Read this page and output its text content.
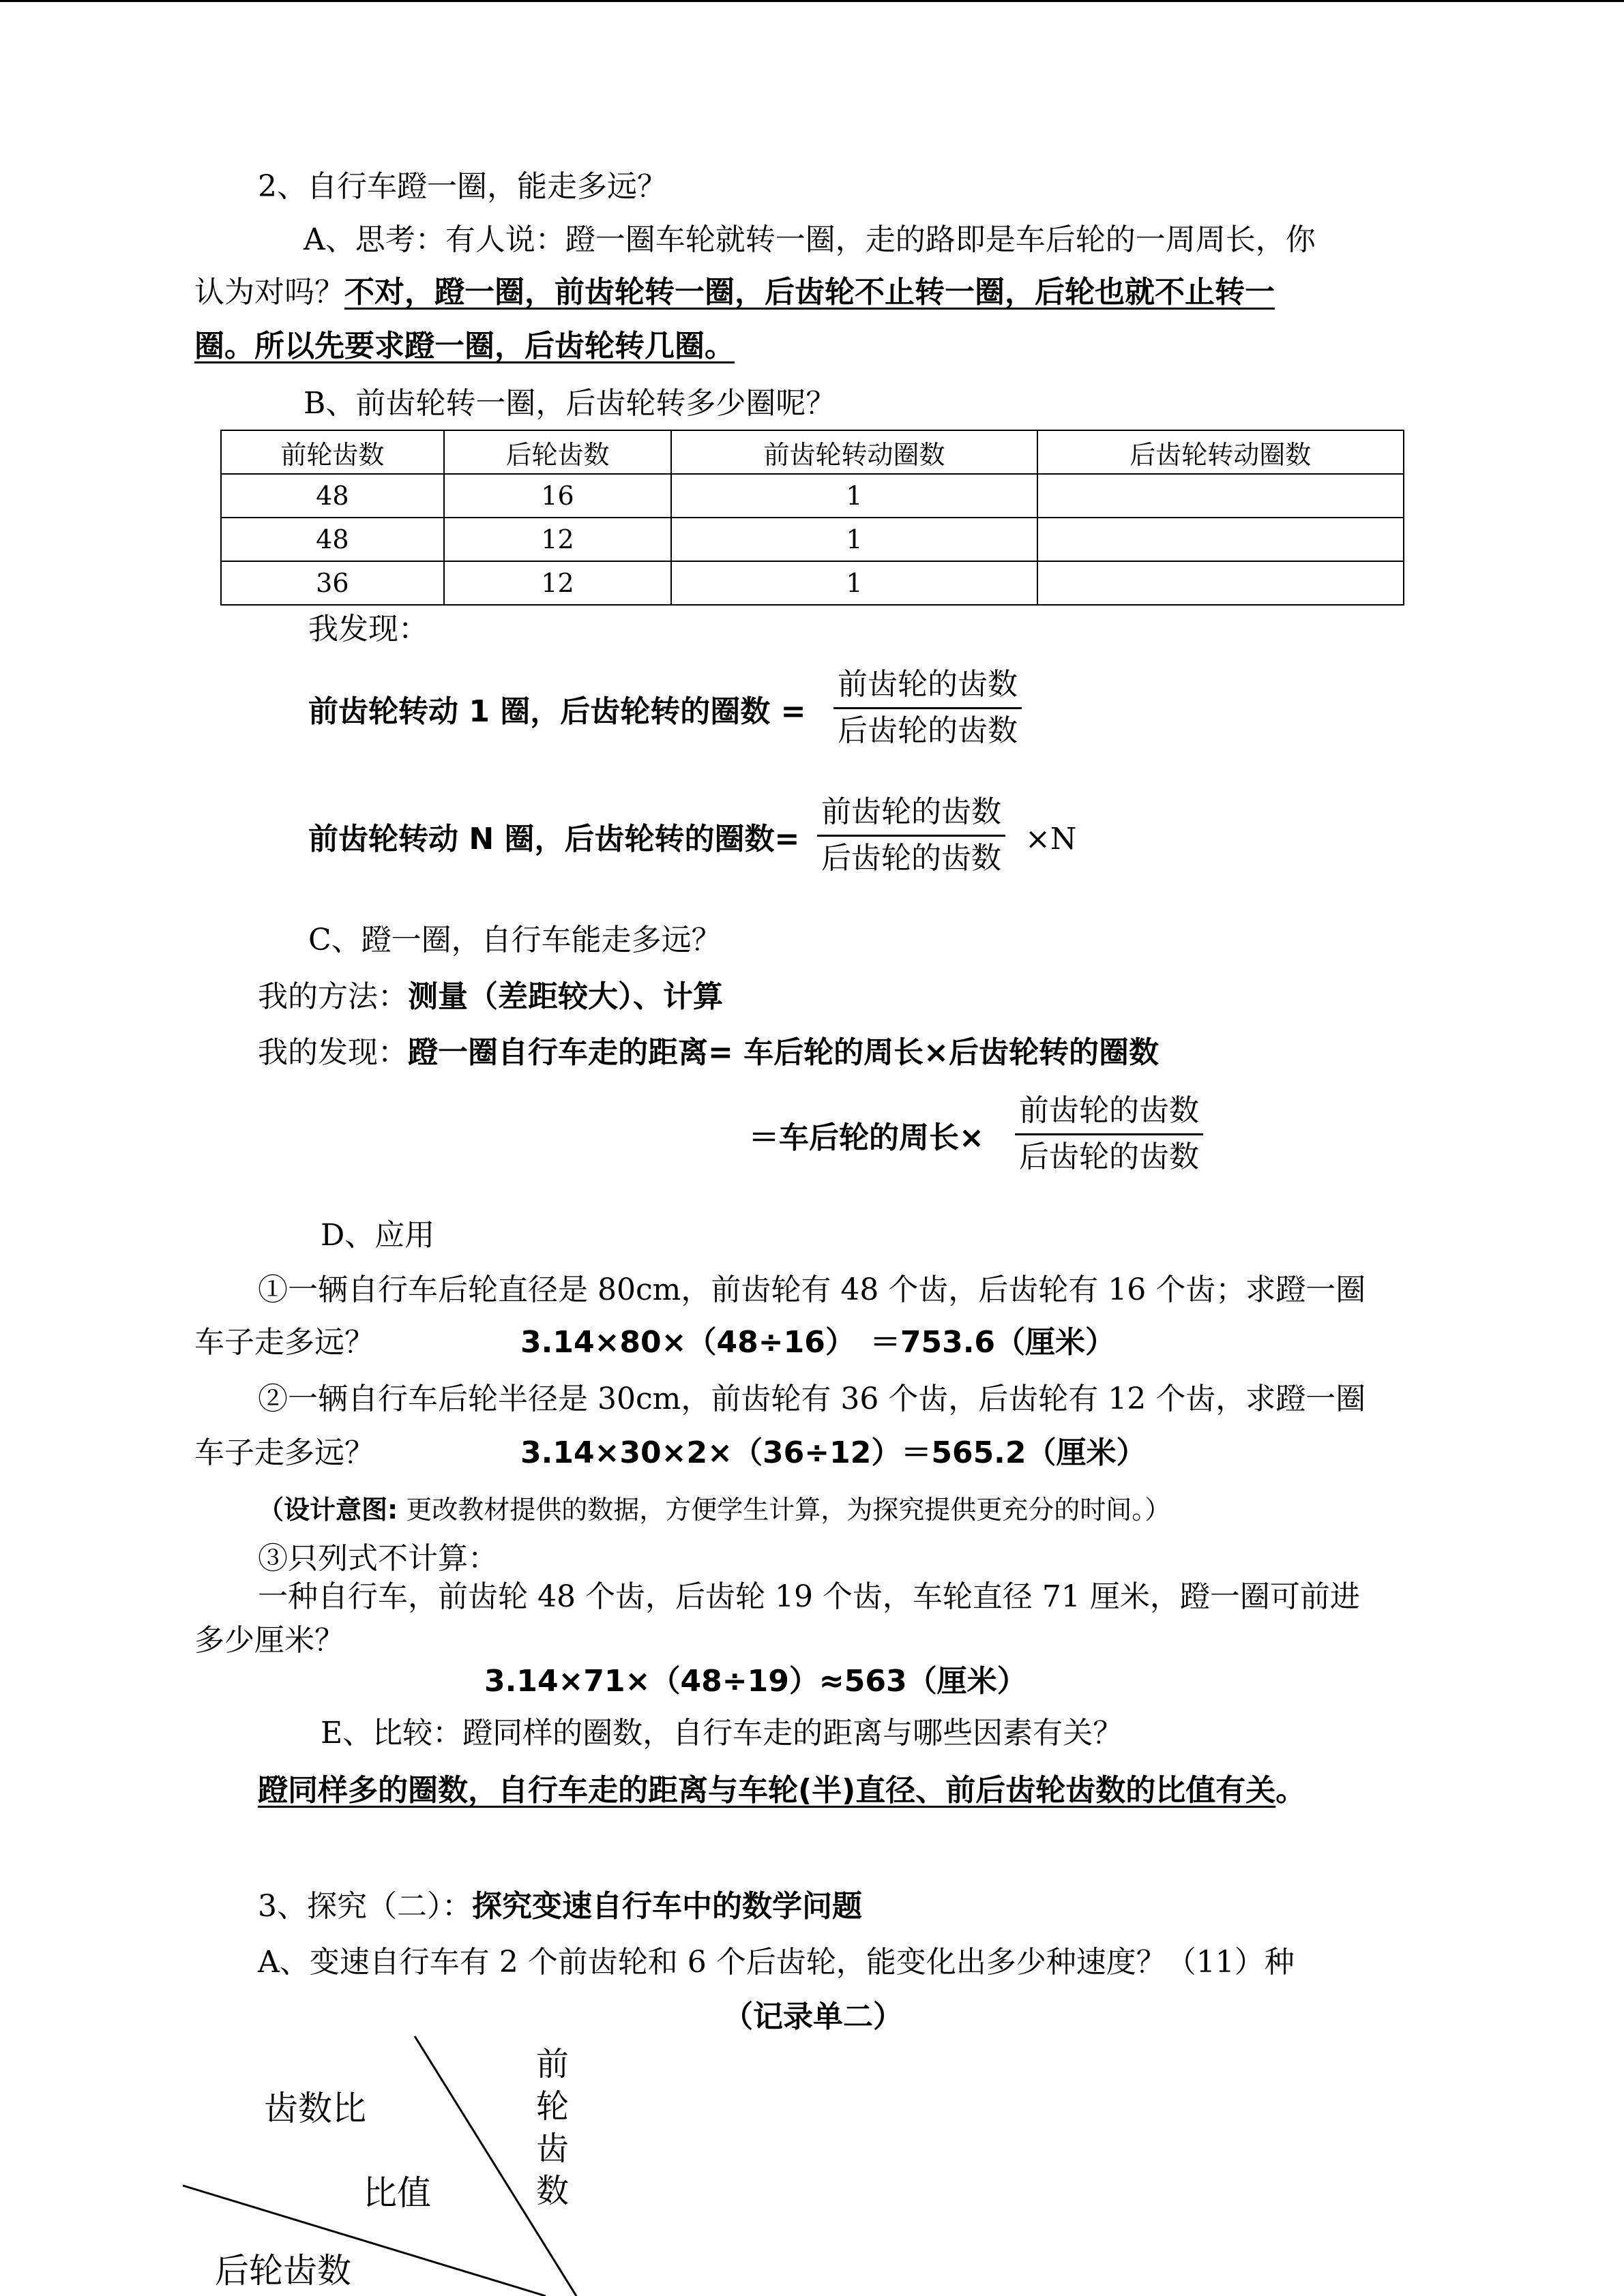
2、自行车蹬一圈，能走多远？
A、思考：有人说：蹬一圈车轮就转一圈，走的路即是车后轮的一周周长，你
认为对吗？不对，蹬一圈，前齿轮转一圈，后齿轮不止转一圈，后轮也就不止转一
圈。所以先要求蹬一圈，后齿轮转几圈。
B、前齿轮转一圈，后齿轮转多少圈呢？
前轮齿数	后轮齿数	前齿轮转动圈数	后齿轮转动圈数
48	16	1	
48	12	1	
36	12	1	
我发现：
前齿轮转动 1 圈，后齿轮转的圈数 =
前齿轮的齿数
后齿轮的齿数
前齿轮转动 N 圈，后齿轮转的圈数=
前齿轮的齿数
后齿轮的齿数
×N
C、蹬一圈，自行车能走多远？
我的方法：测量（差距较大）、计算
我的发现：蹬一圈自行车走的距离= 车后轮的周长×后齿轮转的圈数
＝车后轮的周长×
前齿轮的齿数
后齿轮的齿数
D、应用
①一辆自行车后轮直径是 80cm，前齿轮有 48 个齿，后齿轮有 16 个齿；求蹬一圈
车子走多远？	3.14×80×（48÷16）　＝753.6（厘米）
②一辆自行车后轮半径是 30cm，前齿轮有 36 个齿，后齿轮有 12 个齿，求蹬一圈
车子走多远？	3.14×30×2×（36÷12）＝565.2（厘米）
（设计意图: 更改教材提供的数据，方便学生计算，为探究提供更充分的时间。）
③只列式不计算：
一种自行车，前齿轮 48 个齿，后齿轮 19 个齿，车轮直径 71 厘米，蹬一圈可前进
多少厘米？
3.14×71×（48÷19）≈563（厘米）
E、比较：蹬同样的圈数，自行车走的距离与哪些因素有关？
蹬同样多的圈数，自行车走的距离与车轮(半)直径、前后齿轮齿数的比值有关。
3、探究（二）：探究变速自行车中的数学问题
A、变速自行车有 2 个前齿轮和 6 个后齿轮，能变化出多少种速度？（11）种
（记录单二）
齿数比
比值
后轮齿数
前
轮
齿
数
